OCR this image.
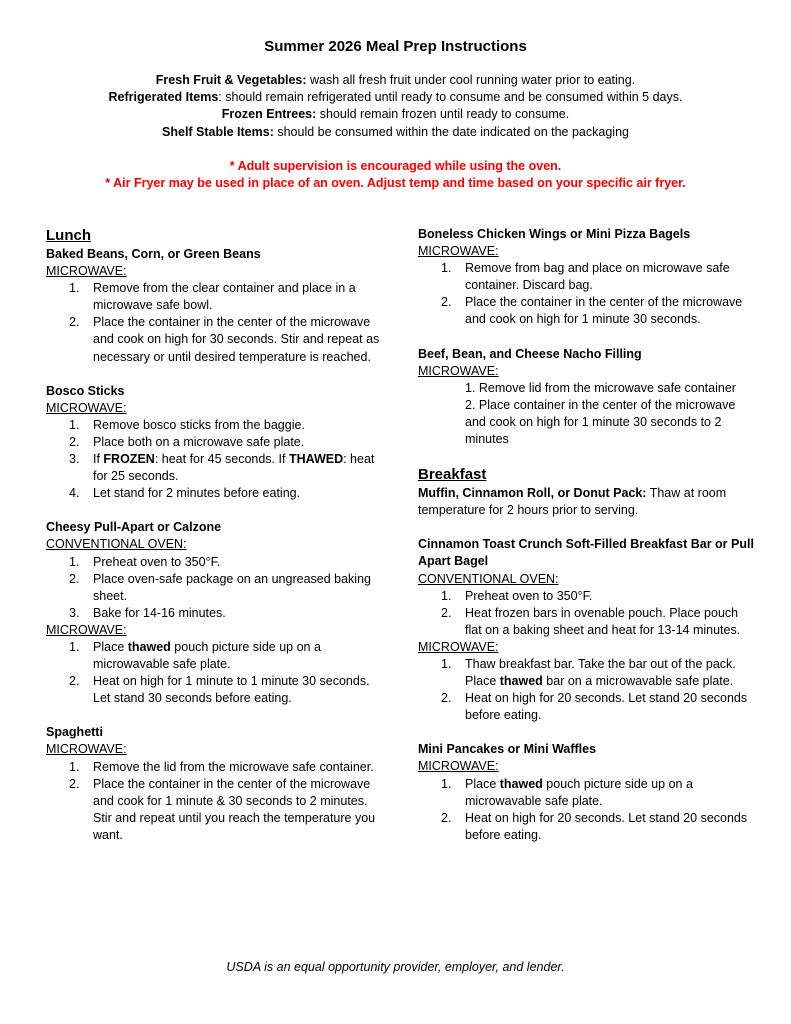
Summer 2026 Meal Prep Instructions
Fresh Fruit & Vegetables: wash all fresh fruit under cool running water prior to eating.
Refrigerated Items: should remain refrigerated until ready to consume and be consumed within 5 days.
Frozen Entrees: should remain frozen until ready to consume.
Shelf Stable Items: should be consumed within the date indicated on the packaging
* Adult supervision is encouraged while using the oven.
* Air Fryer may be used in place of an oven. Adjust temp and time based on your specific air fryer.
Lunch
Baked Beans, Corn, or Green Beans
MICROWAVE:
1.	Remove from the clear container and place in a microwave safe bowl.
2.	Place the container in the center of the microwave and cook on high for 30 seconds. Stir and repeat as necessary or until desired temperature is reached.
Bosco Sticks
MICROWAVE:
1.	Remove bosco sticks from the baggie.
2.	Place both on a microwave safe plate.
3.	If FROZEN: heat for 45 seconds. If THAWED: heat for 25 seconds.
4.	Let stand for 2 minutes before eating.
Cheesy Pull-Apart or Calzone
CONVENTIONAL OVEN:
1.	Preheat oven to 350°F.
2.	Place oven-safe package on an ungreased baking sheet.
3.	Bake for 14-16 minutes.
MICROWAVE:
1.	Place thawed pouch picture side up on a microwavable safe plate.
2.	Heat on high for 1 minute to 1 minute 30 seconds. Let stand 30 seconds before eating.
Spaghetti
MICROWAVE:
1.	Remove the lid from the microwave safe container.
2.	Place the container in the center of the microwave and cook for 1 minute & 30 seconds to 2 minutes. Stir and repeat until you reach the temperature you want.
Boneless Chicken Wings or Mini Pizza Bagels
MICROWAVE:
1.	Remove from bag and place on microwave safe container. Discard bag.
2.	Place the container in the center of the microwave and cook on high for 1 minute 30 seconds.
Beef, Bean, and Cheese Nacho Filling
MICROWAVE:
1. Remove lid from the microwave safe container
2. Place container in the center of the microwave and cook on high for 1 minute 30 seconds to 2 minutes
Breakfast
Muffin, Cinnamon Roll, or Donut Pack: Thaw at room temperature for 2 hours prior to serving.
Cinnamon Toast Crunch Soft-Filled Breakfast Bar or Pull Apart Bagel
CONVENTIONAL OVEN:
1.	Preheat oven to 350°F.
2.	Heat frozen bars in ovenable pouch. Place pouch flat on a baking sheet and heat for 13-14 minutes.
MICROWAVE:
1.	Thaw breakfast bar. Take the bar out of the pack. Place thawed bar on a microwavable safe plate.
2.	Heat on high for 20 seconds. Let stand 20 seconds before eating.
Mini Pancakes or Mini Waffles
MICROWAVE:
1.	Place thawed pouch picture side up on a microwavable safe plate.
2.	Heat on high for 20 seconds. Let stand 20 seconds before eating.
USDA is an equal opportunity provider, employer, and lender.
